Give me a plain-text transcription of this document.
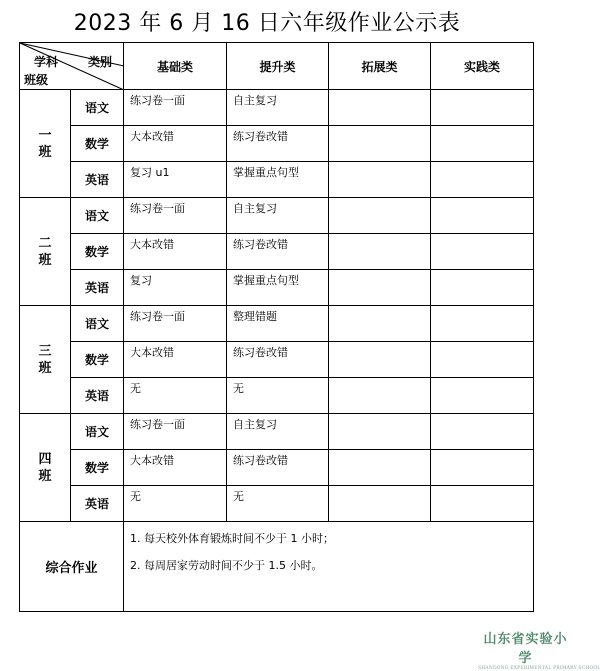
2023 年 6 月 16 日六年级作业公示表
学科 类别
班级		基础类	提升类	拓展类	实践类

一
班	语文	练习卷一面	自主复习		

	数学	大本改错	练习卷改错		

	英语	复习 u1	掌握重点句型		

二
班	语文	练习卷一面	自主复习		

	数学	大本改错	练习卷改错		

	英语	复习	掌握重点句型		

三
班	语文	练习卷一面	整理错题		

	数学	大本改错	练习卷改错		

	英语	无	无		

四
班	语文	练习卷一面	自主复习		

	数学	大本改错	练习卷改错		

	英语	无	无		

综合作业		1. 每天校外体育锻炼时间不少于 1 小时；
2. 每周居家劳动时间不少于 1.5 小时。			
山东省实验小学
SHANDONG EXPERIMENTAL PRIMARY SCHOOL
